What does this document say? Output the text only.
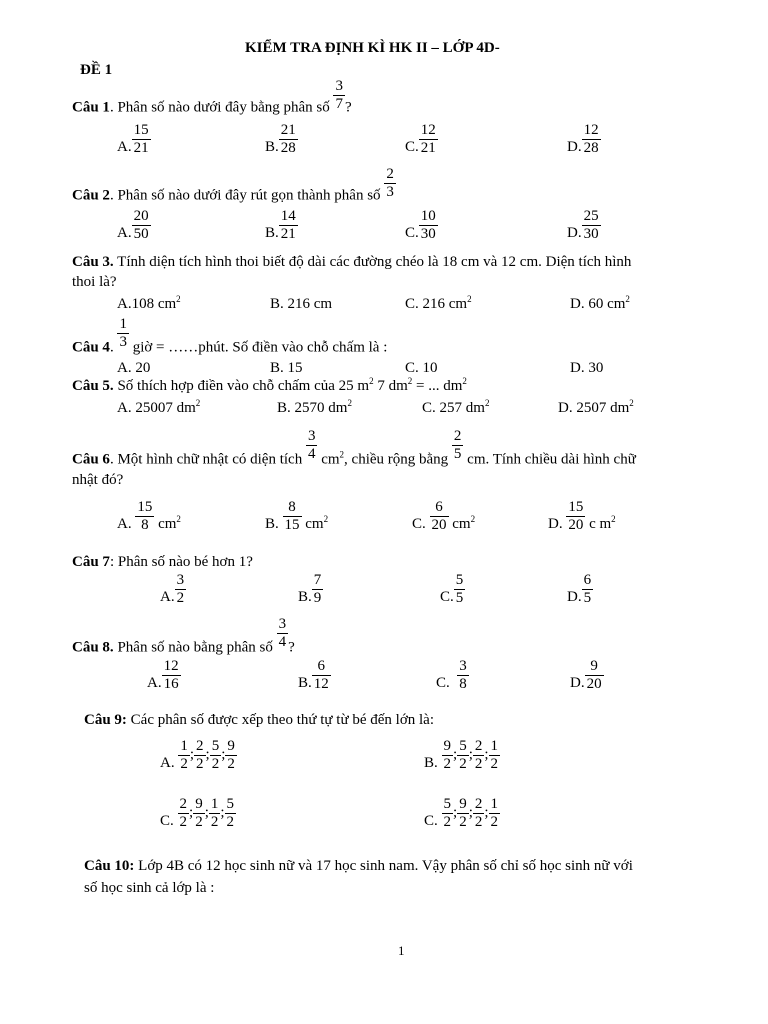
KIỂM TRA ĐỊNH KÌ HK II – LỚP 4D-
ĐỀ 1
Câu 1. Phân số nào dưới đây bằng phân số $\frac{3}{7}$ ?
A. $\frac{15}{21}$	B. $\frac{21}{28}$	C. $\frac{12}{21}$	D. $\frac{12}{28}$
Câu 2. Phân số nào dưới đây rút gọn thành phân số $\frac{2}{3}$
A. $\frac{20}{50}$	B. $\frac{14}{21}$	C. $\frac{10}{30}$	D. $\frac{25}{30}$
Câu 3. Tính diện tích hình thoi biết độ dài các đường chéo là 18 cm và 12 cm. Diện tích hình
thoi là?
A.108 $cm^2$	B. 216 cm	C. 216 $cm^2$	D. 60 $cm^2$
Câu 4. $\frac{1}{3}$ giờ = ……phút. Số điền vào chỗ chấm là :
A. 20	B. 15	C. 10	D. 30
Câu 5. Số thích hợp điền vào chỗ chấm của 25 $m^2$ 7 $dm^2$ = ... $dm^2$
A. 25007 $dm^2$	B. 2570 $dm^2$	C. 257 $dm^2$	D. 2507 $dm^2$
Câu 6. Một hình chữ nhật có diện tích $\frac{3}{4} cm^2$, chiều rộng bằng $\frac{2}{5}$ cm. Tính chiều dài hình chữ
nhật đó?
A. $\frac{15}{8} cm^2$	B. $\frac{8}{15} cm^2$	C. $\frac{6}{20} cm^2$	D. $\frac{15}{20}$ c $m^2$
Câu 7: Phân số nào bé hơn 1?
A. $\frac{3}{2}$	B. $\frac{7}{9}$	C. $\frac{5}{5}$	D. $\frac{6}{5}$
Câu 8. Phân số nào bằng phân số $\frac{3}{4}$ ?
A. $\frac{12}{16}$	B. $\frac{6}{12}$	C. $\frac{3}{8}$	D. $\frac{9}{20}$
Câu 9: Các phân số được xếp theo thứ tự từ bé đến lớn là:
A. $\frac{1}{2}$ ; $\frac{2}{2}$ ; $\frac{5}{2}$ ; $\frac{9}{2}$	B. $\frac{9}{2}$ ; $\frac{5}{2}$ ; $\frac{2}{2}$ ; $\frac{1}{2}$
C. $\frac{2}{2}$ ; $\frac{9}{2}$ ; $\frac{1}{2}$ ; $\frac{5}{2}$	C. $\frac{5}{2}$ ; $\frac{9}{2}$ ; $\frac{2}{2}$ ; $\frac{1}{2}$
Câu 10: Lớp 4B có 12 học sinh nữ và 17 học sinh nam. Vậy phân số chỉ số học sinh nữ với
số học sinh cả lớp là :
1
